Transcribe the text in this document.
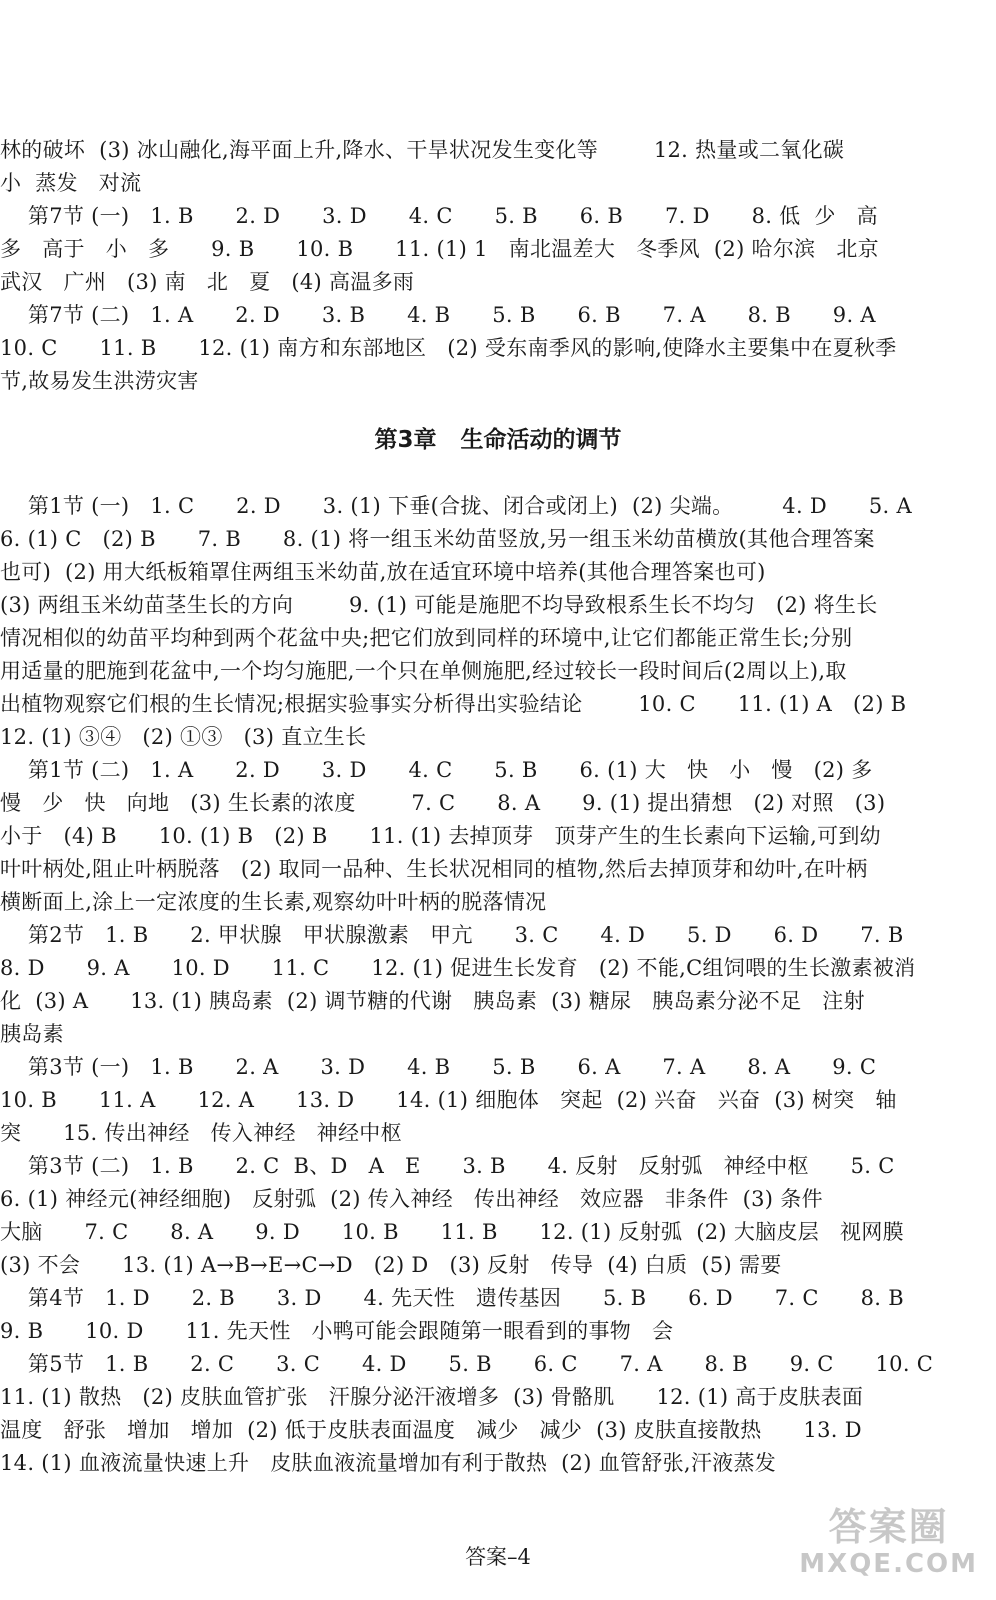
林的破坏  (3) 冰山融化,海平面上升,降水、干旱状况发生变化等        12. 热量或二氧化碳
小  蒸发   对流
第7节 (一)   1. B      2. D      3. D      4. C      5. B      6. B      7. D      8. 低  少   高
多   高于   小   多      9. B      10. B      11. (1) 1   南北温差大   冬季风  (2) 哈尔滨   北京
武汉   广州   (3) 南   北   夏   (4) 高温多雨
第7节 (二)   1. A      2. D      3. B      4. B      5. B      6. B      7. A      8. B      9. A
10. C      11. B      12. (1) 南方和东部地区   (2) 受东南季风的影响,使降水主要集中在夏秋季
节,故易发生洪涝灾害
第3章   生命活动的调节
第1节 (一)   1. C      2. D      3. (1) 下垂(合拢、闭合或闭上)  (2) 尖端。       4. D      5. A
6. (1) C   (2) B      7. B      8. (1) 将一组玉米幼苗竖放,另一组玉米幼苗横放(其他合理答案
也可)  (2) 用大纸板箱罩住两组玉米幼苗,放在适宜环境中培养(其他合理答案也可)
(3) 两组玉米幼苗茎生长的方向        9. (1) 可能是施肥不均导致根系生长不均匀   (2) 将生长
情况相似的幼苗平均种到两个花盆中央;把它们放到同样的环境中,让它们都能正常生长;分别
用适量的肥施到花盆中,一个均匀施肥,一个只在单侧施肥,经过较长一段时间后(2周以上),取
出植物观察它们根的生长情况;根据实验事实分析得出实验结论        10. C      11. (1) A   (2) B
12. (1) ③④   (2) ①③   (3) 直立生长
第1节 (二)   1. A      2. D      3. D      4. C      5. B      6. (1) 大   快   小   慢   (2) 多
慢   少   快   向地   (3) 生长素的浓度        7. C      8. A      9. (1) 提出猜想   (2) 对照   (3)
小于   (4) B      10. (1) B   (2) B      11. (1) 去掉顶芽   顶芽产生的生长素向下运输,可到幼
叶叶柄处,阻止叶柄脱落   (2) 取同一品种、生长状况相同的植物,然后去掉顶芽和幼叶,在叶柄
横断面上,涂上一定浓度的生长素,观察幼叶叶柄的脱落情况
第2节   1. B      2. 甲状腺   甲状腺激素   甲亢      3. C      4. D      5. D      6. D      7. B
8. D      9. A      10. D      11. C      12. (1) 促进生长发育   (2) 不能,C组饲喂的生长激素被消
化  (3) A      13. (1) 胰岛素  (2) 调节糖的代谢   胰岛素  (3) 糖尿   胰岛素分泌不足   注射
胰岛素
第3节 (一)   1. B      2. A      3. D      4. B      5. B      6. A      7. A      8. A      9. C
10. B      11. A      12. A      13. D      14. (1) 细胞体   突起  (2) 兴奋   兴奋  (3) 树突   轴
突      15. 传出神经   传入神经   神经中枢
第3节 (二)   1. B      2. C  B、D   A   E      3. B      4. 反射   反射弧   神经中枢      5. C
6. (1) 神经元(神经细胞)   反射弧  (2) 传入神经   传出神经   效应器   非条件  (3) 条件
大脑      7. C      8. A      9. D      10. B      11. B      12. (1) 反射弧  (2) 大脑皮层   视网膜
(3) 不会      13. (1) A→B→E→C→D   (2) D   (3) 反射   传导  (4) 白质  (5) 需要
第4节   1. D      2. B      3. D      4. 先天性   遗传基因      5. B      6. D      7. C      8. B
9. B      10. D      11. 先天性   小鸭可能会跟随第一眼看到的事物   会
第5节   1. B      2. C      3. C      4. D      5. B      6. C      7. A      8. B      9. C      10. C
11. (1) 散热   (2) 皮肤血管扩张   汗腺分泌汗液增多  (3) 骨骼肌      12. (1) 高于皮肤表面
温度   舒张   增加   增加  (2) 低于皮肤表面温度   减少   减少  (3) 皮肤直接散热      13. D
14. (1) 血液流量快速上升   皮肤血液流量增加有利于散热  (2) 血管舒张,汗液蒸发
答案–4
答案圈
MXQE.COM
